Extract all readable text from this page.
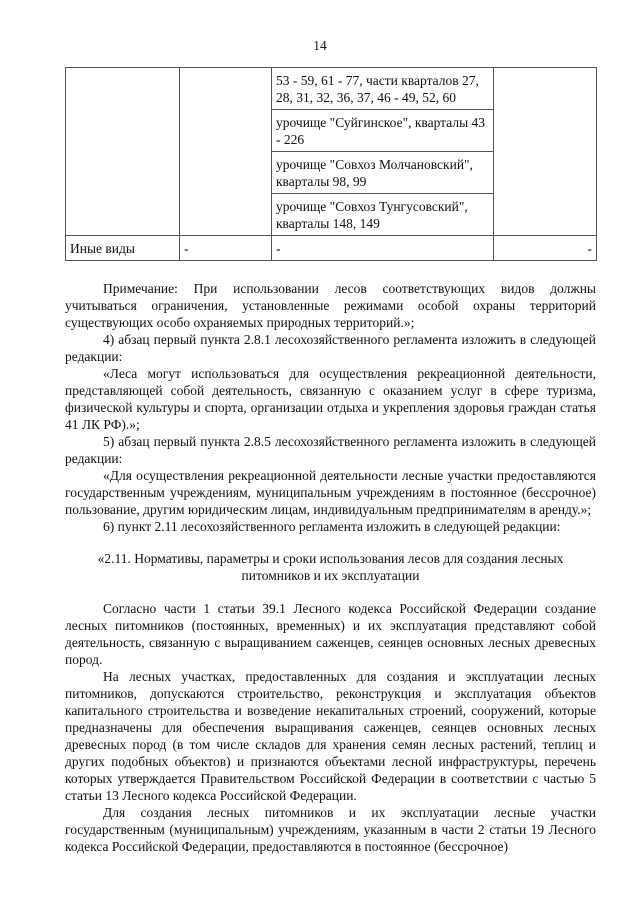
14
		53 - 59, 61 - 77, части кварталов 27, 28, 31, 32, 36, 37, 46 - 49, 52, 60	
		урочище "Суйгинское", кварталы 43 - 226	
		урочище "Совхоз Молчановский", кварталы 98, 99	
		урочище "Совхоз Тунгусовский", кварталы 148, 149	
Иные виды	-	-	-

Примечание: При использовании лесов соответствующих видов должны учитываться ограничения, установленные режимами особой охраны территорий существующих особо охраняемых природных территорий.»;

4) абзац первый пункта 2.8.1 лесохозяйственного регламента изложить в следующей редакции:

«Леса могут использоваться для осуществления рекреационной деятельности, представляющей собой деятельность, связанную с оказанием услуг в сфере туризма, физической культуры и спорта, организации отдыха и укрепления здоровья граждан статья 41 ЛК РФ).»;

5) абзац первый пункта 2.8.5 лесохозяйственного регламента изложить в следующей редакции:

«Для осуществления рекреационной деятельности лесные участки предоставляются государственным учреждениям, муниципальным учреждениям в постоянное (бессрочное) пользование, другим юридическим лицам, индивидуальным предпринимателям в аренду.»;

6) пункт 2.11 лесохозяйственного регламента изложить в следующей редакции:

«2.11. Нормативы, параметры и сроки использования лесов для создания лесных питомников и их эксплуатации

Согласно части 1 статьи 39.1 Лесного кодекса Российской Федерации создание лесных питомников (постоянных, временных) и их эксплуатация представляют собой деятельность, связанную с выращиванием саженцев, сеянцев основных лесных древесных пород.

На лесных участках, предоставленных для создания и эксплуатации лесных питомников, допускаются строительство, реконструкция и эксплуатация объектов капитального строительства и возведение некапитальных строений, сооружений, которые предназначены для обеспечения выращивания саженцев, сеянцев основных лесных древесных пород (в том числе складов для хранения семян лесных растений, теплиц и других подобных объектов) и признаются объектами лесной инфраструктуры, перечень которых утверждается Правительством Российской Федерации в соответствии с частью 5 статьи 13 Лесного кодекса Российской Федерации.

Для создания лесных питомников и их эксплуатации лесные участки государственным (муниципальным) учреждениям, указанным в части 2 статьи 19 Лесного кодекса Российской Федерации, предоставляются в постоянное (бессрочное)
